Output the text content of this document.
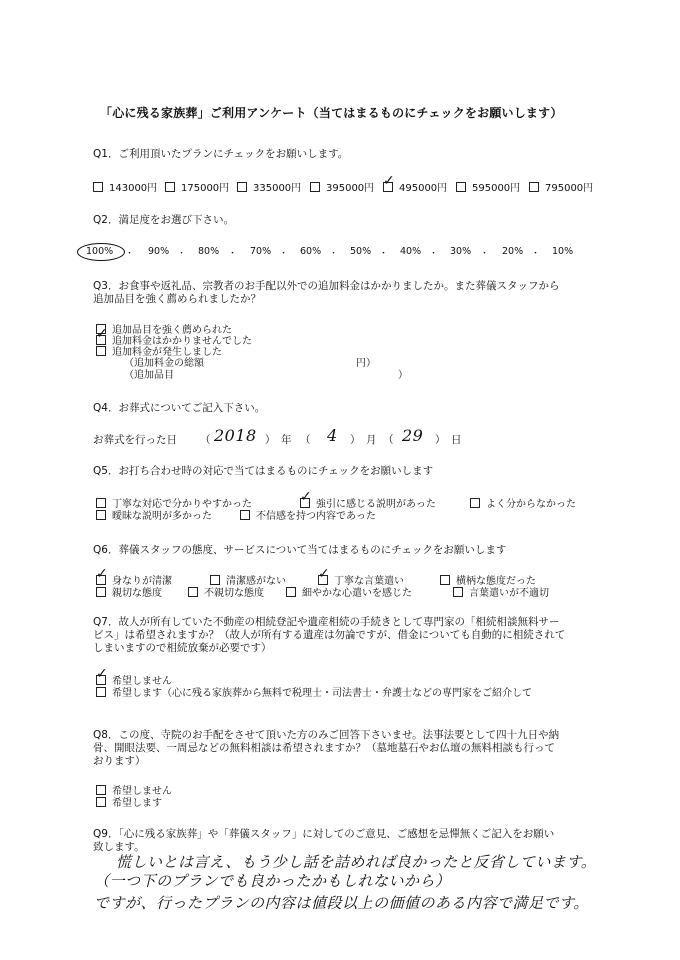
「心に残る家族葬」ご利用アンケート（当てはまるものにチェックをお願いします）
Q1．ご利用頂いたプランにチェックをお願いします。
143000円	175000円	335000円	395000円 ✓	495000円	595000円	795000円
Q2．満足度をお選び下さい。
100% ・ 90% ・ 80% ・ 70% ・ 60% ・ 50% ・ 40% ・ 30% ・ 20% ・ 10%
Q3．お食事や返礼品、宗教者のお手配以外での追加料金はかかりましたか。また葬儀スタッフから
追加品目を強く薦められましたか？
追加品目を強く薦められた
✓追加料金はかかりませんでした
追加料金が発生しました
（追加料金の総額	円）
（追加品目	）
Q4．お葬式についてご記入下さい。
お葬式を行った日 （ 2018 ） 年 （ 4 ） 月 （ 29 ） 日
Q5．お打ち合わせ時の対応で当てはまるものにチェックをお願いします
丁寧な対応で分かりやすかった ✓	強引に感じる説明があった	よく分からなかった
曖昧な説明が多かった	不信感を持つ内容であった
Q6．葬儀スタッフの態度、サービスについて当てはまるものにチェックをお願いします
✓身なりが清潔	清潔感がない ✓	丁寧な言葉遣い	横柄な態度だった
親切な態度	不親切な態度	細やかな心遣いを感じた	言葉遣いが不適切
Q7．故人が所有していた不動産の相続登記や遺産相続の手続きとして専門家の「相続相談無料サー
ビス」は希望されますか？（故人が所有する遺産は勿論ですが、借金についても自動的に相続されて
しまいますので相続放棄が必要です）
✓希望しません
希望します（心に残る家族葬から無料で税理士・司法書士・弁護士などの専門家をご紹介して
Q8．この度、寺院のお手配をさせて頂いた方のみご回答下さいませ。法事法要として四十九日や納
骨、開眼法要、一周忌などの無料相談は希望されますか？（墓地墓石やお仏壇の無料相談も行って
おります）
希望しません
希望します
Q9．「心に残る家族葬」や「葬儀スタッフ」に対してのご意見、ご感想を忌憚無くご記入をお願い
致します。
慌しいとは言え、もう少し話を詰めれば良かったと反省しています。
（一つ下のプランでも良かったかもしれないから）
ですが、行ったプランの内容は値段以上の価値のある内容で満足です。
